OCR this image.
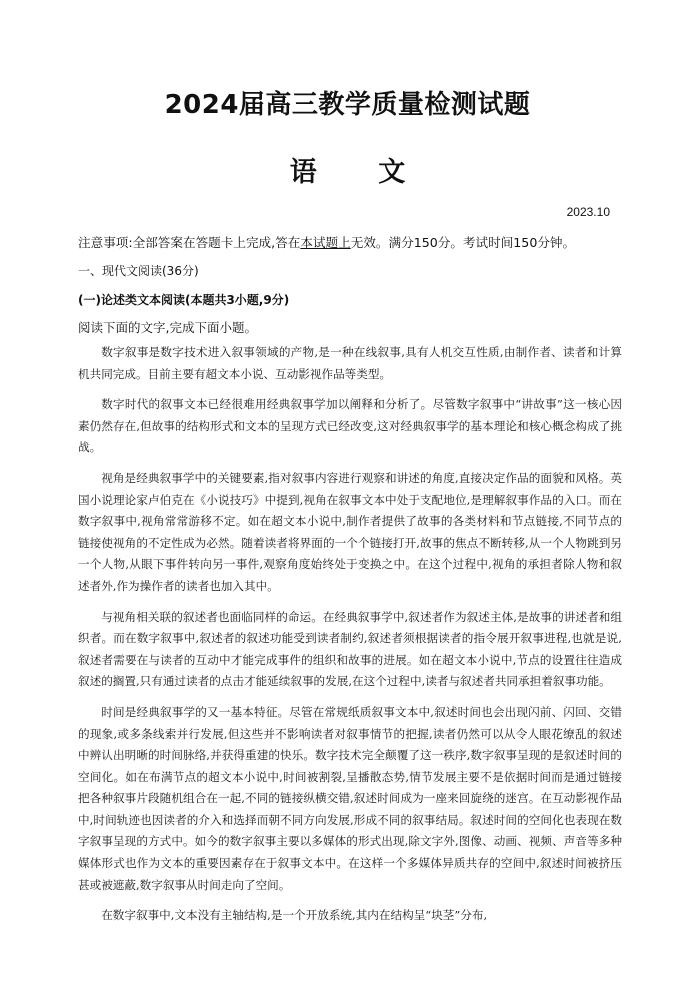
2024届高三教学质量检测试题
语 文
2023.10
注意事项:全部答案在答题卡上完成,答在本试题上无效。满分150分。考试时间150分钟。
一、现代文阅读(36分)
(一)论述类文本阅读(本题共3小题,9分)
阅读下面的文字,完成下面小题。

数字叙事是数字技术进入叙事领域的产物,是一种在线叙事,具有人机交互性质,由制作者、读者和计算机共同完成。目前主要有超文本小说、互动影视作品等类型。

数字时代的叙事文本已经很难用经典叙事学加以阐释和分析了。尽管数字叙事中“讲故事”这一核心因素仍然存在,但故事的结构形式和文本的呈现方式已经改变,这对经典叙事学的基本理论和核心概念构成了挑战。

视角是经典叙事学中的关键要素,指对叙事内容进行观察和讲述的角度,直接决定作品的面貌和风格。英国小说理论家卢伯克在《小说技巧》中提到,视角在叙事文本中处于支配地位,是理解叙事作品的入口。而在数字叙事中,视角常常游移不定。如在超文本小说中,制作者提供了故事的各类材料和节点链接,不同节点的链接使视角的不定性成为必然。随着读者将界面的一个个链接打开,故事的焦点不断转移,从一个人物跳到另一个人物,从眼下事件转向另一事件,观察角度始终处于变换之中。在这个过程中,视角的承担者除人物和叙述者外,作为操作者的读者也加入其中。

与视角相关联的叙述者也面临同样的命运。在经典叙事学中,叙述者作为叙述主体,是故事的讲述者和组织者。而在数字叙事中,叙述者的叙述功能受到读者制约,叙述者须根据读者的指令展开叙事进程,也就是说,叙述者需要在与读者的互动中才能完成事件的组织和故事的进展。如在超文本小说中,节点的设置往往造成叙述的搁置,只有通过读者的点击才能延续叙事的发展,在这个过程中,读者与叙述者共同承担着叙事功能。

时间是经典叙事学的又一基本特征。尽管在常规纸质叙事文本中,叙述时间也会出现闪前、闪回、交错的现象,或多条线索并行发展,但这些并不影响读者对叙事情节的把握,读者仍然可以从令人眼花缭乱的叙述中辨认出明晰的时间脉络,并获得重建的快乐。数字技术完全颠覆了这一秩序,数字叙事呈现的是叙述时间的空间化。如在布满节点的超文本小说中,时间被割裂,呈播散态势,情节发展主要不是依据时间而是通过链接把各种叙事片段随机组合在一起,不同的链接纵横交错,叙述时间成为一座来回旋绕的迷宫。在互动影视作品中,时间轨迹也因读者的介入和选择而朝不同方向发展,形成不同的叙事结局。叙述时间的空间化也表现在数字叙事呈现的方式中。如今的数字叙事主要以多媒体的形式出现,除文字外,图像、动画、视频、声音等多种媒体形式也作为文本的重要因素存在于叙事文本中。在这样一个多媒体异质共存的空间中,叙述时间被挤压甚或被遮蔽,数字叙事从时间走向了空间。

在数字叙事中,文本没有主轴结构,是一个开放系统,其内在结构呈“块茎”分布,
